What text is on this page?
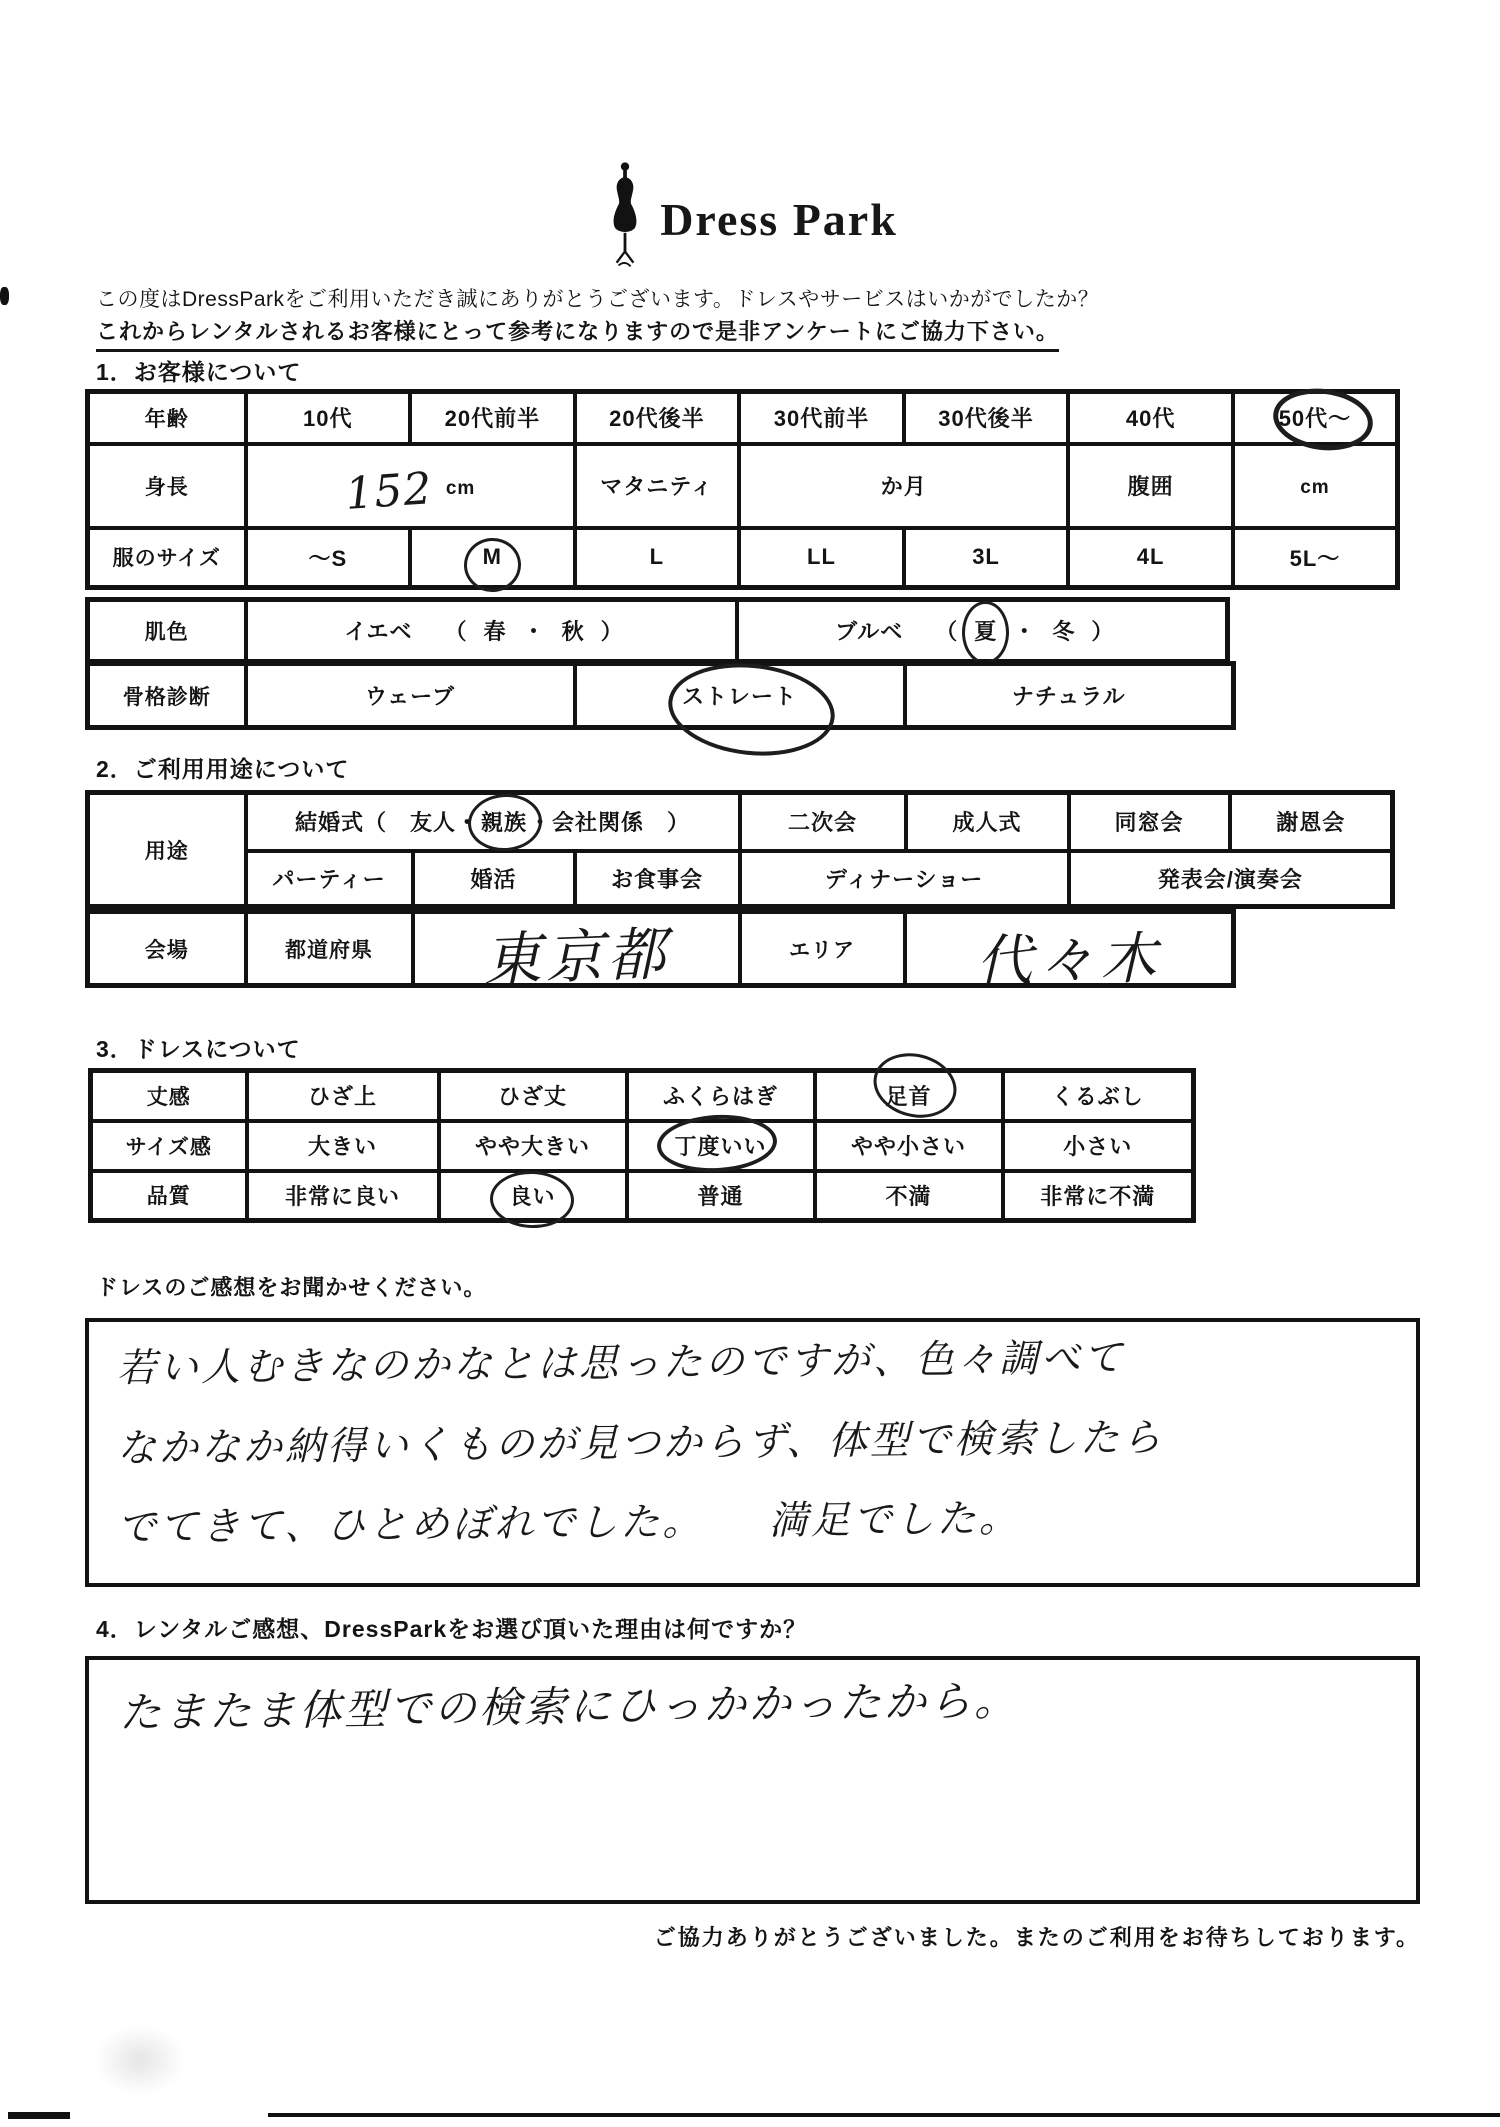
Dress Park
この度はDressParkをご利用いただき誠にありがとうございます。ドレスやサービスはいかがでしたか？
これからレンタルされるお客様にとって参考になりますので是非アンケートにご協力下さい。
1．お客様について
年齢	10代	20代前半	20代後半	30代前半	30代後半	40代	50代～
身長	152 cm		マタニティ	か月		腹囲	cm
服のサイズ	～S	M	L	LL	3L	4L	5L～
肌色	イエベ （ 春 ・ 秋 ）	ブルベ （ 夏 ・ 冬 ）
骨格診断	ウェーブ	ストレート	ナチュラル
2．ご利用用途について
用途	結婚式（　友人・親族・会社関係　）			二次会	成人式	同窓会	謝恩会
	パーティー	婚活	お食事会	ディナーショー		発表会/演奏会	
会場	都道府県	東京都	エリア	代々木
3．ドレスについて
丈感	ひざ上	ひざ丈	ふくらはぎ	足首	くるぶし
サイズ感	大きい	やや大きい	丁度いい	やや小さい	小さい
品質	非常に良い	良い	普通	不満	非常に不満
ドレスのご感想をお聞かせください。
若い人むきなのかなとは思ったのですが、色々調べて
なかなか納得いくものが見つからず、体型で検索したら
でてきて、ひとめぼれでした。　　満足でした。
4．レンタルご感想、DressParkをお選び頂いた理由は何ですか？
たまたま体型での検索にひっかかったから。
ご協力ありがとうございました。またのご利用をお待ちしております。
